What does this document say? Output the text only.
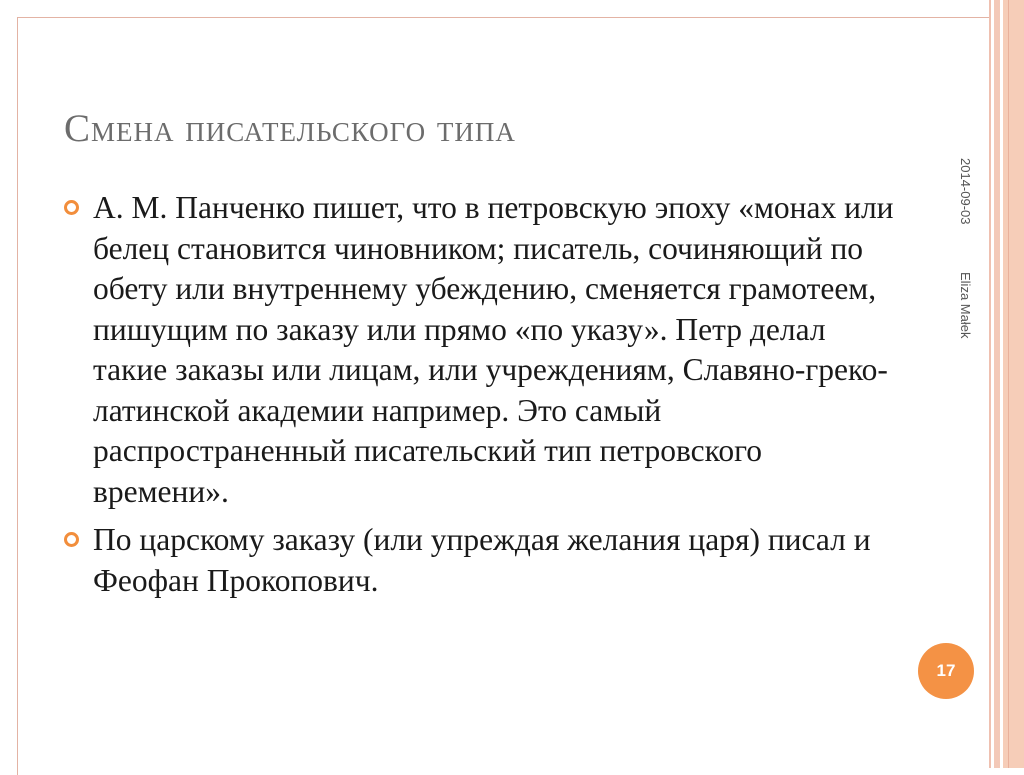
Смена писательского типа
А. М. Панченко пишет, что в петровскую эпоху «монах или белец становится чиновником; писатель, сочиняющий по обету или внутреннему убеждению, сменяется грамотеем, пишущим по заказу или прямо «по указу». Петр делал такие заказы или лицам, или учреждениям, Славяно-греко-латинской академии например. Это самый распространенный писательский тип петровского времени».
По царскому заказу (или упреждая желания царя) писал и Феофан Прокопович.
2014-09-03
Eliza Małek
17
